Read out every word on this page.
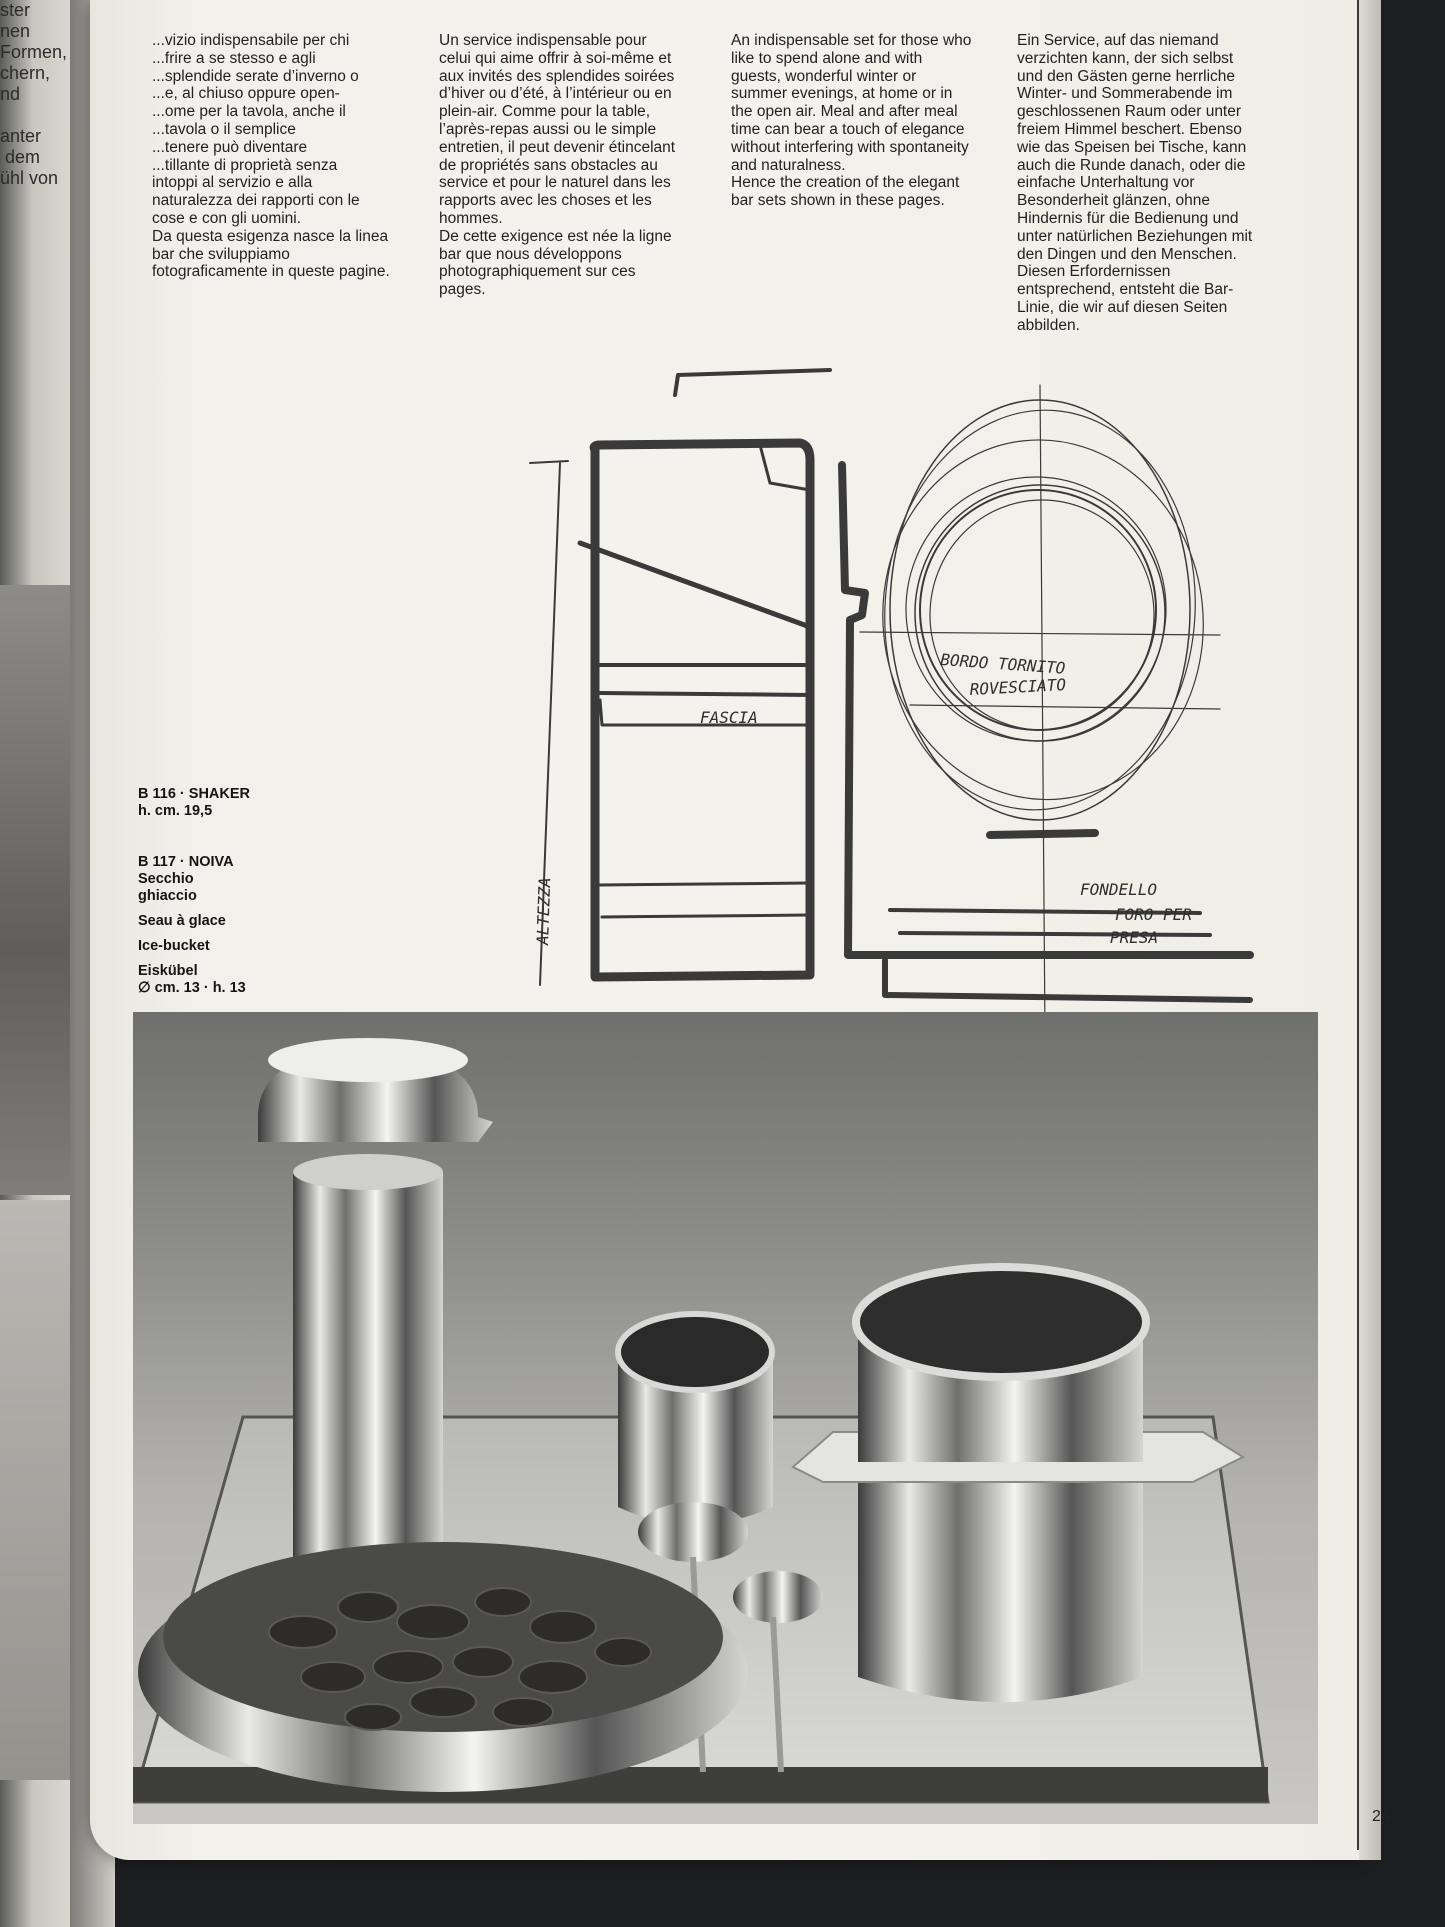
ster
nen
Formen,
chern,
nd

anter
dem
ühl von

...vizio indispensabile per chi
...frire a se stesso e agli
...splendide serate d’inverno o
...e, al chiuso oppure open-
...ome per la tavola, anche il
...tavola o il semplice
...tenere può diventare
...tillante di proprietà senza
intoppi al servizio e alla
naturalezza dei rapporti con le
cose e con gli uomini.
Da questa esigenza nasce la linea
bar che sviluppiamo
fotograficamente in queste pagine.

Un service indispensable pour
celui qui aime offrir à soi-même et
aux invités des splendides soirées
d’hiver ou d’été, à l’intérieur ou en
plein-air. Comme pour la table,
l’après-repas aussi ou le simple
entretien, il peut devenir étincelant
de propriétés sans obstacles au
service et pour le naturel dans les
rapports avec les choses et les
hommes.
De cette exigence est née la ligne
bar que nous développons
photographiquement sur ces
pages.

An indispensable set for those who
like to spend alone and with
guests, wonderful winter or
summer evenings, at home or in
the open air. Meal and after meal
time can bear a touch of elegance
without interfering with spontaneity
and naturalness.
Hence the creation of the elegant
bar sets shown in these pages.

Ein Service, auf das niemand
verzichten kann, der sich selbst
und den Gästen gerne herrliche
Winter- und Sommerabende im
geschlossenen Raum oder unter
freiem Himmel beschert. Ebenso
wie das Speisen bei Tische, kann
auch die Runde danach, oder die
einfache Unterhaltung vor
Besonderheit glänzen, ohne
Hindernis für die Bedienung und
unter natürlichen Beziehungen mit
den Dingen und den Menschen.
Diesen Erfordernissen
entsprechend, entsteht die Bar-
Linie, die wir auf diesen Seiten
abbilden.

B 116 · SHAKER
h. cm. 19,5
B 117 · NOIVA
Secchio
ghiaccio
Seau à glace
Ice-bucket
Eiskübel
∅ cm. 13 · h. 13
BORDO TORNITO
ROVESCIATO
FASCIA
ALTEZZA	FONDELLO
FORO PER
PRESA
24
